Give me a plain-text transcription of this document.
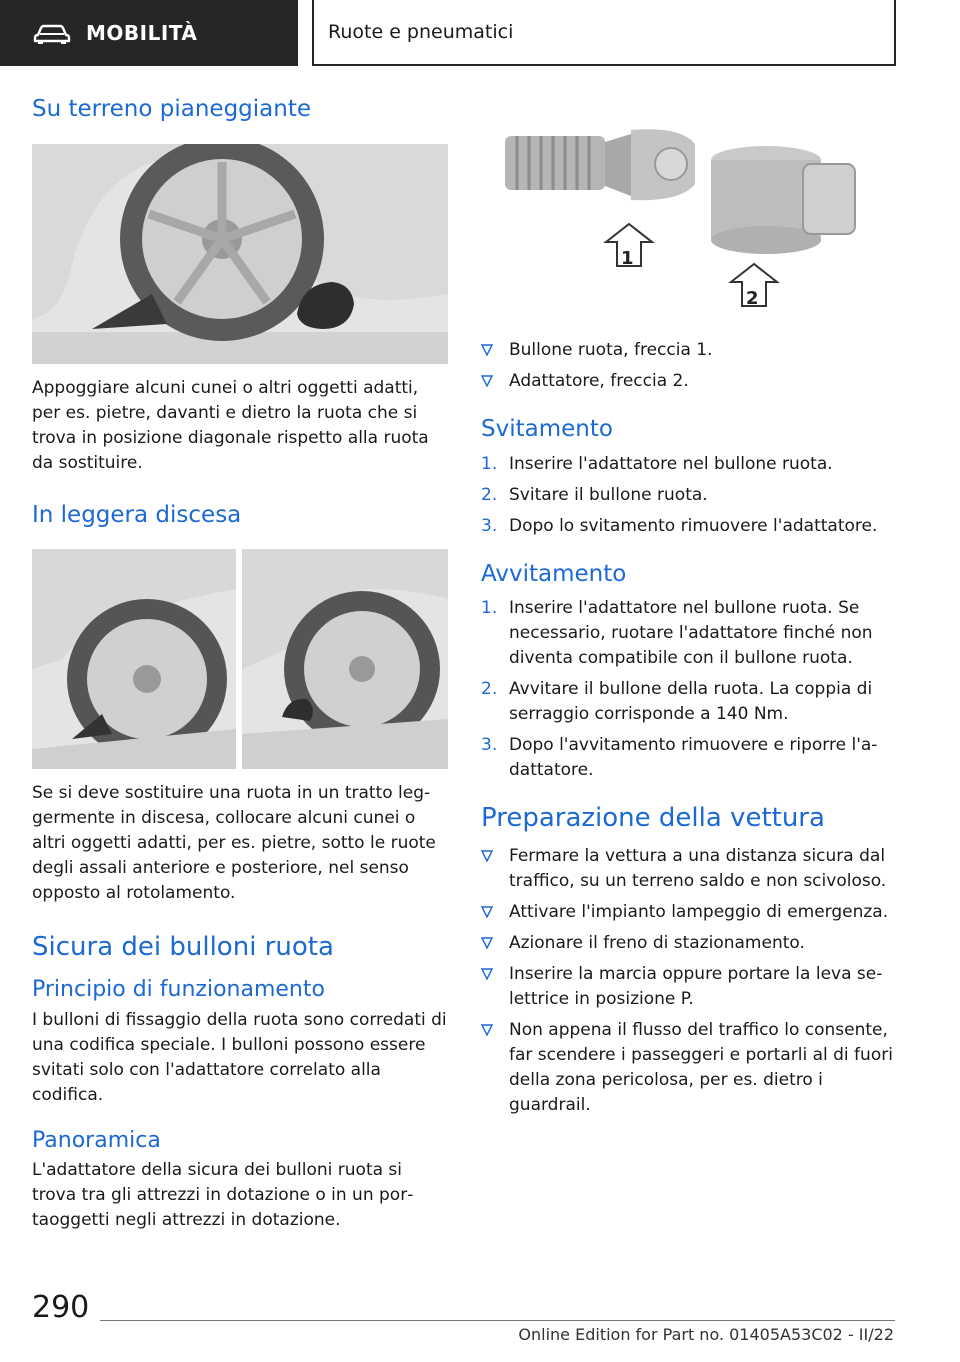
MOBILITÀ	Ruote e pneumatici
Su terreno pianeggiante

Appoggiare alcuni cunei o altri oggetti adatti, per es. pietre, davanti e dietro la ruota che si trova in posizione diagonale rispetto alla ruota da sostituire.

In leggera discesa

Se si deve sostituire una ruota in un tratto leggermente in discesa, collocare alcuni cunei o altri oggetti adatti, per es. pietre, sotto le ruote degli assali anteriore e posteriore, nel senso opposto al rotolamento.

Sicura dei bulloni ruota
Principio di funzionamento

I bulloni di fissaggio della ruota sono corredati di una codifica speciale. I bulloni possono essere svitati solo con l'adattatore correlato alla codifica.

Panoramica

L'adattatore della sicura dei bulloni ruota si trova tra gli attrezzi in dotazione o in un portaoggetti negli attrezzi in dotazione.

1
2
Bullone ruota, freccia 1.
Adattatore, freccia 2.
Svitamento
1. Inserire l'adattatore nel bullone ruota.
2. Svitare il bullone ruota.
3. Dopo lo svitamento rimuovere l'adattatore.
Avvitamento
1. Inserire l'adattatore nel bullone ruota. Se necessario, ruotare l'adattatore finché non diventa compatibile con il bullone ruota.
2. Avvitare il bullone della ruota. La coppia di serraggio corrisponde a 140 Nm.
3. Dopo l'avvitamento rimuovere e riporre l'adattatore.
Preparazione della vettura
Fermare la vettura a una distanza sicura dal traffico, su un terreno saldo e non scivoloso.
Attivare l'impianto lampeggio di emergenza.
Azionare il freno di stazionamento.
Inserire la marcia oppure portare la leva selettrice in posizione P.
Non appena il flusso del traffico lo consente, far scendere i passeggeri e portarli al di fuori della zona pericolosa, per es. dietro i guardrail.
290
Online Edition for Part no. 01405A53C02 - II/22
